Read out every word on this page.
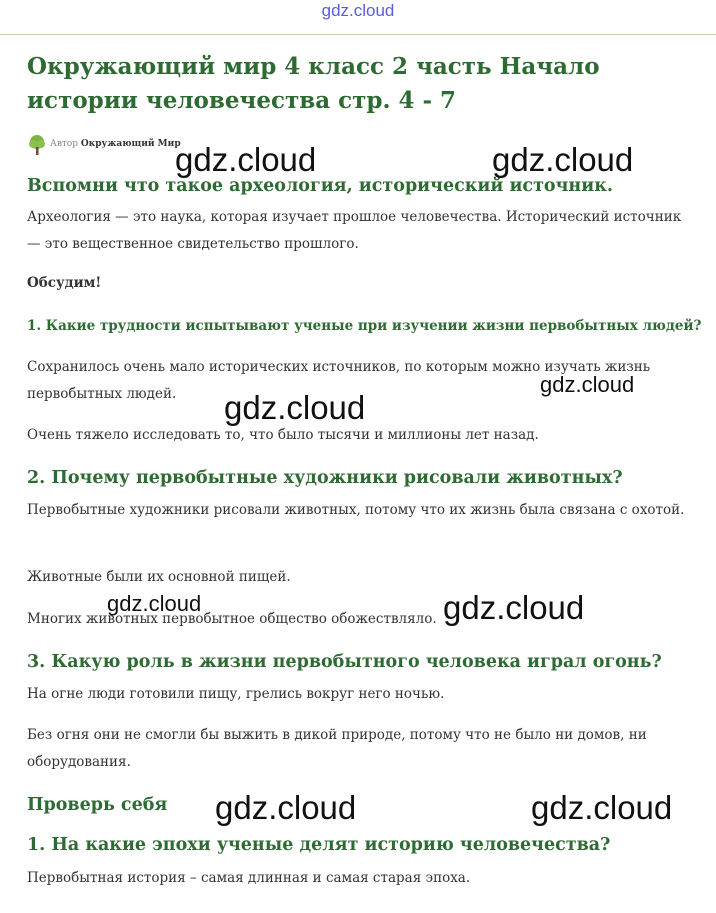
gdz.cloud
Окружающий мир 4 класс 2 часть Начало истории человечества стр. 4 - 7
Автор Окружающий Мир
Вспомни что такое археология, исторический источник.

Археология — это наука, которая изучает прошлое человечества. Исторический источник — это вещественное свидетельство прошлого.

Обсудим!

1. Какие трудности испытывают ученые при изучении жизни первобытных людей?

Сохранилось очень мало исторических источников, по которым можно изучать жизнь первобытных людей.

Очень тяжело исследовать то, что было тысячи и миллионы лет назад.

2. Почему первобытные художники рисовали животных?

Первобытные художники рисовали животных, потому что их жизнь была связана с охотой.

Животные были их основной пищей.

Многих животных первобытное общество обожествляло.

3. Какую роль в жизни первобытного человека играл огонь?

На огне люди готовили пищу, грелись вокруг него ночью.

Без огня они не смогли бы выжить в дикой природе, потому что не было ни домов, ни оборудования.

Проверь себя
1. На какие эпохи ученые делят историю человечества?

Первобытная история – самая длинная и самая старая эпоха.

gdz.cloud	gdz.cloud
gdz.cloud
gdz.cloud
gdz.cloud	gdz.cloud
gdz.cloud	gdz.cloud
